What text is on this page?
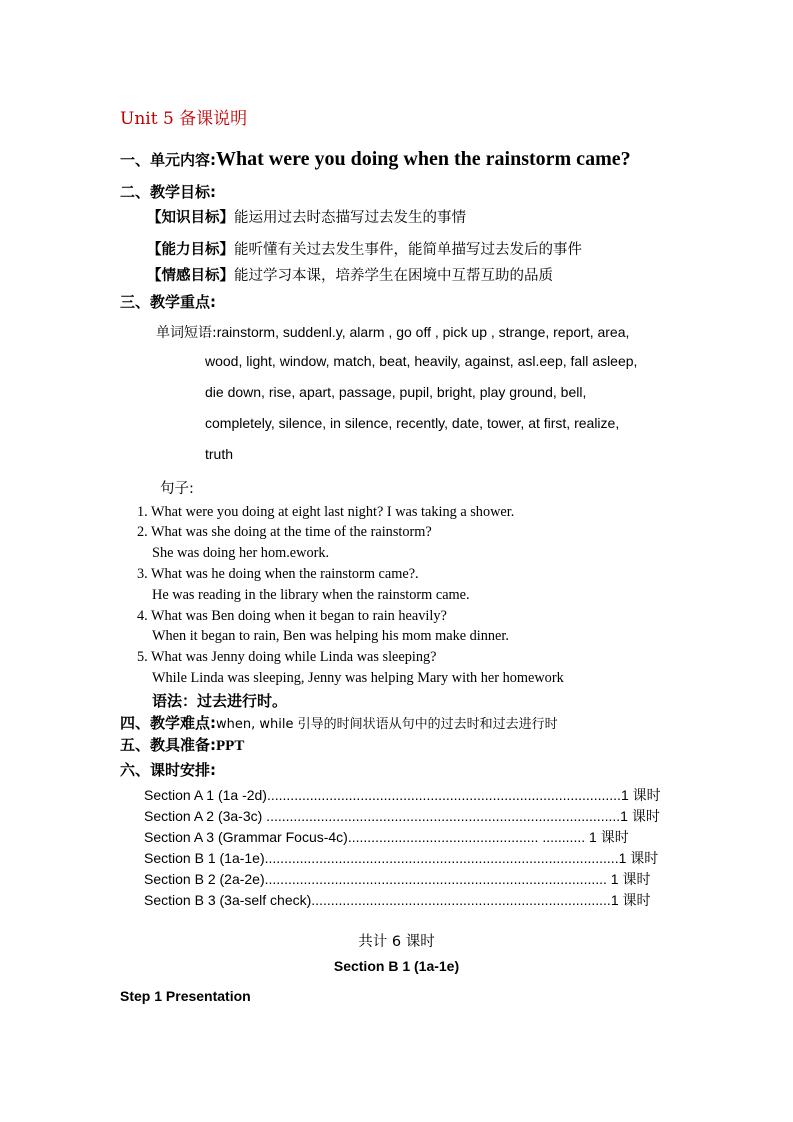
Unit 5 备课说明
一、单元内容:What were you doing when the rainstorm came?
二、教学目标:
【知识目标】能运用过去时态描写过去发生的事情
【能力目标】能听懂有关过去发生事件，能简单描写过去发后的事件
【情感目标】能过学习本课，培养学生在困境中互帮互助的品质
三、教学重点:
单词短语:rainstorm, suddenl.y, alarm , go off , pick up , strange, report, area,
wood, light, window, match, beat, heavily, against, asl.eep, fall asleep,
die down, rise, apart, passage, pupil, bright, play ground, bell,
completely, silence, in silence, recently, date, tower, at first, realize,
truth
句子:
1. What were you doing at eight last night? I was taking a shower.
2. What was she doing at the time of the rainstorm?
She was doing her hom.ework.
3. What was he doing when the rainstorm came?.
He was reading in the library when the rainstorm came.
4. What was Ben doing when it began to rain heavily?
When it began to rain, Ben was helping his mom make dinner.
5. What was Jenny doing while Linda was sleeping?
While Linda was sleeping, Jenny was helping Mary with her homework
语法：过去进行时。
四、教学难点:when, while 引导的时间状语从句中的过去时和过去进行时
五、教具准备:PPT
六、课时安排:
Section A 1 (1a -2d)...........................................................................................1 课时
Section A 2 (3a-3c) ...........................................................................................1 课时
Section A 3 (Grammar Focus-4c)................................................. ........... 1 课时
Section B 1 (1a-1e)...........................................................................................1 课时
Section B 2 (2a-2e)........................................................................................ 1 课时
Section B 3 (3a-self check).............................................................................1 课时
共计 6 课时
Section B 1 (1a-1e)
Step 1 Presentation
